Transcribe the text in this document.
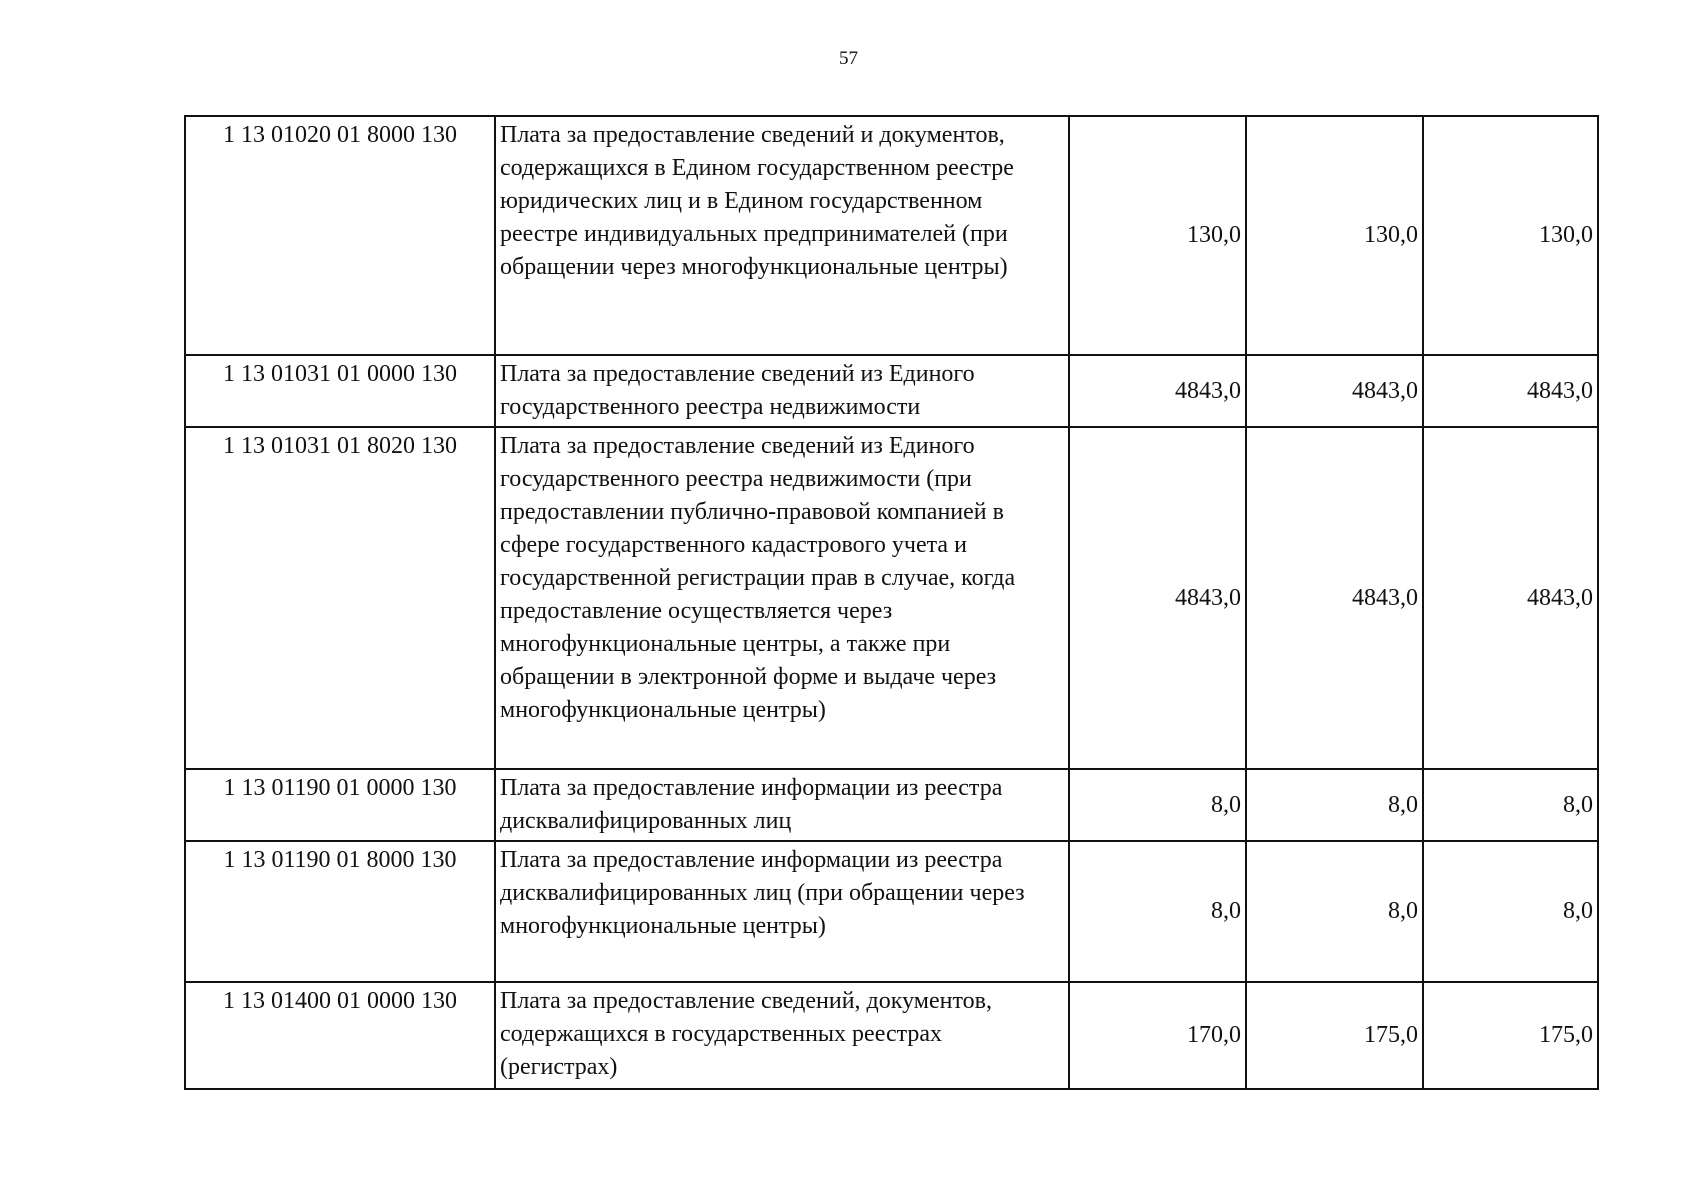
57
1 13 01020 01 8000 130	Плата за предоставление сведений и документов, содержащихся в Едином государственном реестре юридических лиц и в Едином государственном реестре индивидуальных предпринимателей (при обращении через многофункциональные центры)	130,0	130,0	130,0
1 13 01031 01 0000 130	Плата за предоставление сведений из Единого государственного реестра недвижимости	4843,0	4843,0	4843,0
1 13 01031 01 8020 130	Плата за предоставление сведений из Единого государственного реестра недвижимости (при предоставлении публично-правовой компанией в сфере государственного кадастрового учета и государственной регистрации прав в случае, когда предоставление осуществляется через многофункциональные центры, а также при обращении в электронной форме и выдаче через многофункциональные центры)	4843,0	4843,0	4843,0
1 13 01190 01 0000 130	Плата за предоставление информации из реестра дисквалифицированных лиц	8,0	8,0	8,0
1 13 01190 01 8000 130	Плата за предоставление информации из реестра дисквалифицированных лиц (при обращении через многофункциональные центры)	8,0	8,0	8,0
1 13 01400 01 0000 130	Плата за предоставление сведений, документов, содержащихся в государственных реестрах (регистрах)	170,0	175,0	175,0
